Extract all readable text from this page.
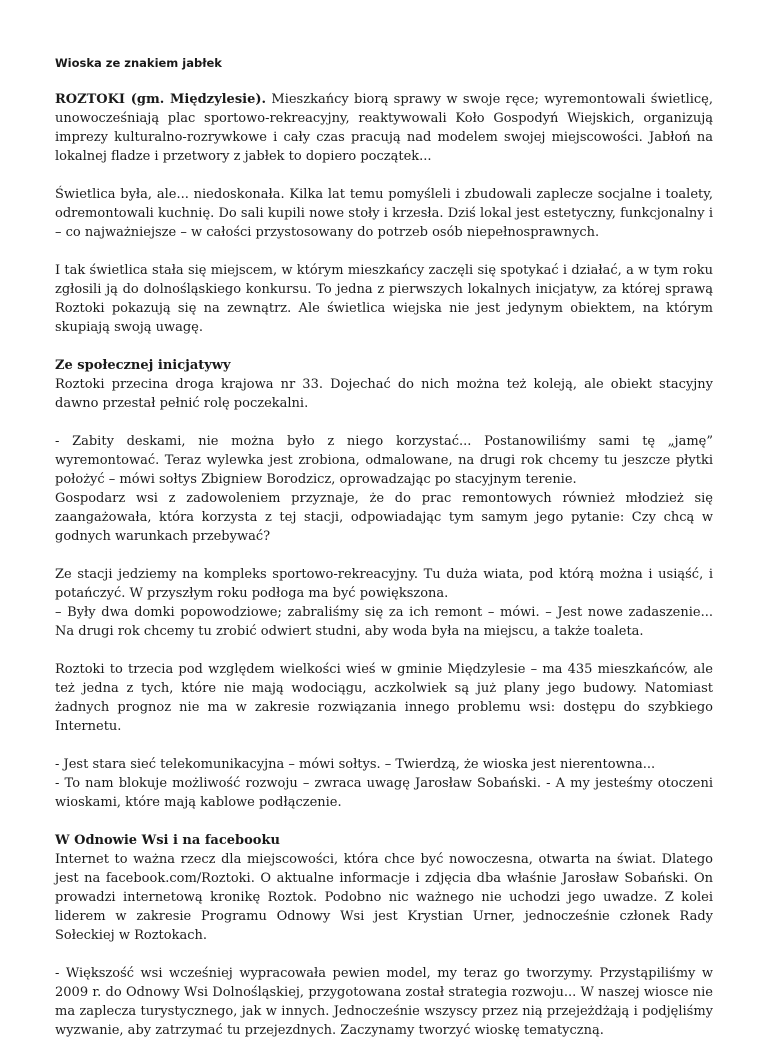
Wioska ze znakiem jabłek

ROZTOKI (gm. Międzylesie). Mieszkańcy biorą sprawy w swoje ręce; wyremontowali świetlicę, unowocześniają plac sportowo-rekreacyjny, reaktywowali Koło Gospodyń Wiejskich, organizują imprezy kulturalno-rozrywkowe i cały czas pracują nad modelem swojej miejscowości. Jabłoń na lokalnej fladze i przetwory z jabłek to dopiero początek...

Świetlica była, ale... niedoskonała. Kilka lat temu pomyśleli i zbudowali zaplecze socjalne i toalety, odremontowali kuchnię. Do sali kupili nowe stoły i krzesła. Dziś lokal jest estetyczny, funkcjonalny i – co najważniejsze – w całości przystosowany do potrzeb osób niepełnosprawnych.

I tak świetlica stała się miejscem, w którym mieszkańcy zaczęli się spotykać i działać, a w tym roku zgłosili ją do dolnośląskiego konkursu. To jedna z pierwszych lokalnych inicjatyw, za której sprawą Roztoki pokazują się na zewnątrz. Ale świetlica wiejska nie jest jedynym obiektem, na którym skupiają swoją uwagę.

Ze społecznej inicjatywy

Roztoki przecina droga krajowa nr 33. Dojechać do nich można też koleją, ale obiekt stacyjny dawno przestał pełnić rolę poczekalni.

- Zabity deskami, nie można było z niego korzystać... Postanowiliśmy sami tę „jamę” wyremontować. Teraz wylewka jest zrobiona, odmalowane, na drugi rok chcemy tu jeszcze płytki położyć – mówi sołtys Zbigniew Borodzicz, oprowadzając po stacyjnym terenie.

Gospodarz wsi z zadowoleniem przyznaje, że do prac remontowych również młodzież się zaangażowała, która korzysta z tej stacji, odpowiadając tym samym jego pytanie: Czy chcą w godnych warunkach przebywać?

Ze stacji jedziemy na kompleks sportowo-rekreacyjny. Tu duża wiata, pod którą można i usiąść, i potańczyć. W przyszłym roku podłoga ma być powiększona.

– Były dwa domki popowodziowe; zabraliśmy się za ich remont – mówi. – Jest nowe zadaszenie... Na drugi rok chcemy tu zrobić odwiert studni, aby woda była na miejscu, a także toaleta.

Roztoki to trzecia pod względem wielkości wieś w gminie Międzylesie – ma 435 mieszkańców, ale też jedna z tych, które nie mają wodociągu, aczkolwiek są już plany jego budowy. Natomiast żadnych prognoz nie ma w zakresie rozwiązania innego problemu wsi: dostępu do szybkiego Internetu.

- Jest stara sieć telekomunikacyjna – mówi sołtys. – Twierdzą, że wioska jest nierentowna...

- To nam blokuje możliwość rozwoju – zwraca uwagę Jarosław Sobański. - A my jesteśmy otoczeni wioskami, które mają kablowe podłączenie.

W Odnowie Wsi i na facebooku

Internet to ważna rzecz dla miejscowości, która chce być nowoczesna, otwarta na świat. Dlatego jest na facebook.com/Roztoki. O aktualne informacje i zdjęcia dba właśnie Jarosław Sobański. On prowadzi internetową kronikę Roztok. Podobno nic ważnego nie uchodzi jego uwadze. Z kolei liderem w zakresie Programu Odnowy Wsi jest Krystian Urner, jednocześnie członek Rady Sołeckiej w Roztokach.

- Większość wsi wcześniej wypracowała pewien model, my teraz go tworzymy. Przystąpiliśmy w 2009 r. do Odnowy Wsi Dolnośląskiej, przygotowana został strategia rozwoju... W naszej wiosce nie ma zaplecza turystycznego, jak w innych. Jednocześnie wszyscy przez nią przejeżdżają i podjęliśmy wyzwanie, aby zatrzymać tu przejezdnych. Zaczynamy tworzyć wioskę tematyczną.
